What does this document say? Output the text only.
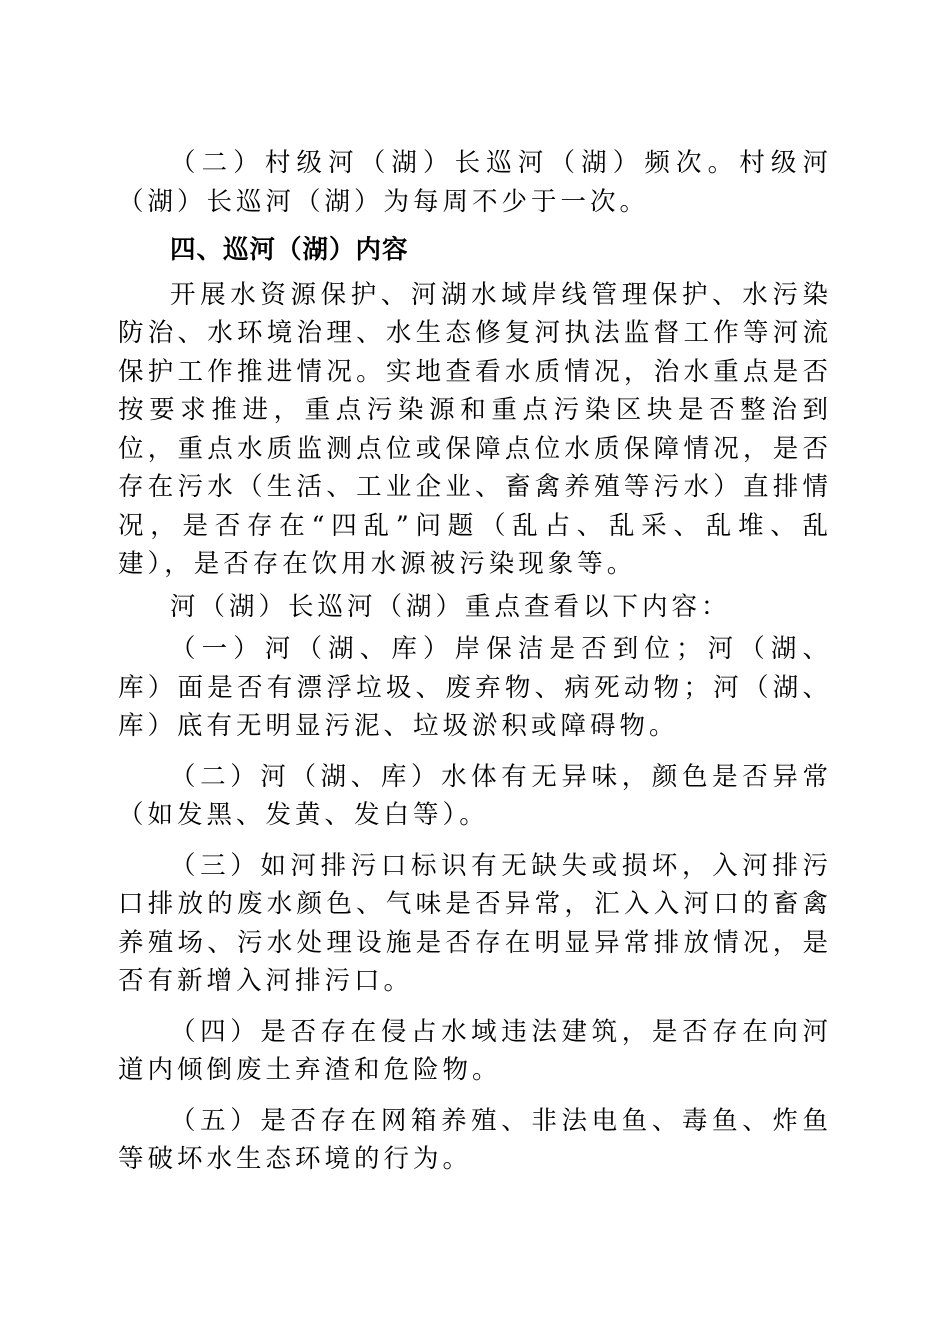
（二）村级河（湖）长巡河（湖）频次。村级河（湖）长巡河（湖）为每周不少于一次。

四、巡河（湖）内容

开展水资源保护、河湖水域岸线管理保护、水污染防治、水环境治理、水生态修复河执法监督工作等河流保护工作推进情况。实地查看水质情况，治水重点是否按要求推进，重点污染源和重点污染区块是否整治到位，重点水质监测点位或保障点位水质保障情况，是否存在污水（生活、工业企业、畜禽养殖等污水）直排情况，是否存在“四乱”问题（乱占、乱采、乱堆、乱建），是否存在饮用水源被污染现象等。

河（湖）长巡河（湖）重点查看以下内容：

（一）河（湖、库）岸保洁是否到位；河（湖、库）面是否有漂浮垃圾、废弃物、病死动物；河（湖、库）底有无明显污泥、垃圾淤积或障碍物。

（二）河（湖、库）水体有无异味，颜色是否异常（如发黑、发黄、发白等）。

（三）如河排污口标识有无缺失或损坏，入河排污口排放的废水颜色、气味是否异常，汇入入河口的畜禽养殖场、污水处理设施是否存在明显异常排放情况，是否有新增入河排污口。

（四）是否存在侵占水域违法建筑，是否存在向河道内倾倒废土弃渣和危险物。

（五）是否存在网箱养殖、非法电鱼、毒鱼、炸鱼等破坏水生态环境的行为。
